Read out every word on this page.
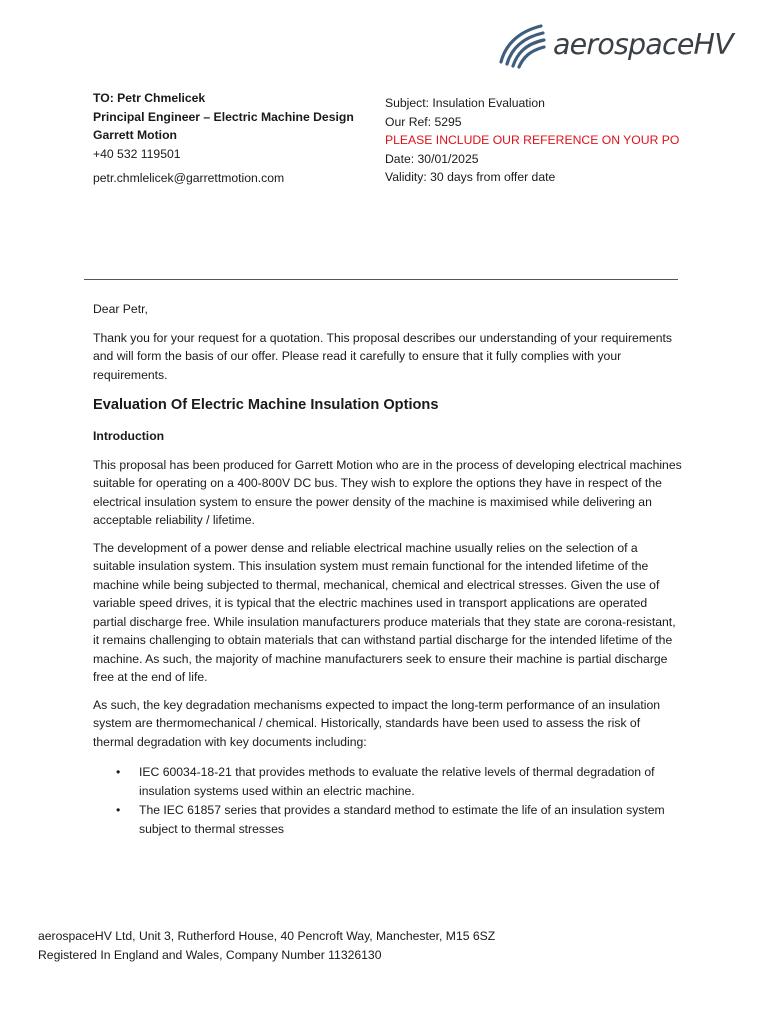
aerospaceHV
TO: Petr Chmelicek
Principal Engineer – Electric Machine Design
Garrett Motion
+40 532 119501
petr.chmlelicek@garrettmotion.com
Subject: Insulation Evaluation
Our Ref: 5295
PLEASE INCLUDE OUR REFERENCE ON YOUR PO
Date: 30/01/2025
Validity: 30 days from offer date

Dear Petr,

Thank you for your request for a quotation. This proposal describes our understanding of your requirements and will form the basis of our offer. Please read it carefully to ensure that it fully complies with your requirements.

Evaluation Of Electric Machine Insulation Options
Introduction

This proposal has been produced for Garrett Motion who are in the process of developing electrical machines suitable for operating on a 400-800V DC bus. They wish to explore the options they have in respect of the electrical insulation system to ensure the power density of the machine is maximised while delivering an acceptable reliability / lifetime.

The development of a power dense and reliable electrical machine usually relies on the selection of a suitable insulation system. This insulation system must remain functional for the intended lifetime of the machine while being subjected to thermal, mechanical, chemical and electrical stresses. Given the use of variable speed drives, it is typical that the electric machines used in transport applications are operated partial discharge free. While insulation manufacturers produce materials that they state are corona-resistant, it remains challenging to obtain materials that can withstand partial discharge for the intended lifetime of the machine. As such, the majority of machine manufacturers seek to ensure their machine is partial discharge free at the end of life.

As such, the key degradation mechanisms expected to impact the long-term performance of an insulation system are thermomechanical / chemical. Historically, standards have been used to assess the risk of thermal degradation with key documents including:

• IEC 60034-18-21 that provides methods to evaluate the relative levels of thermal degradation of insulation systems used within an electric machine.
• The IEC 61857 series that provides a standard method to estimate the life of an insulation system subject to thermal stresses
aerospaceHV Ltd, Unit 3, Rutherford House, 40 Pencroft Way, Manchester, M15 6SZ
Registered In England and Wales, Company Number 11326130
